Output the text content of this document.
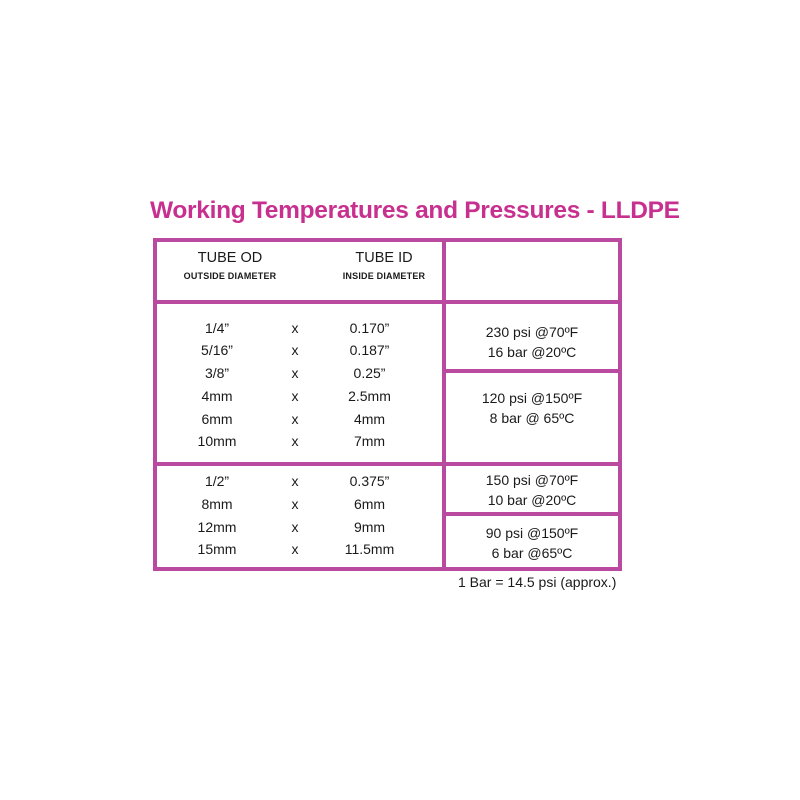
Working Temperatures and Pressures - LLDPE
TUBE OD
OUTSIDE DIAMETER
TUBE ID
INSIDE DIAMETER
1/4”	x	0.170”
5/16”	x	0.187”
3/8”	x	0.25”
4mm	x	2.5mm
6mm	x	4mm
10mm	x	7mm
230 psi @70ºF
16 bar @20ºC
120 psi @150ºF
8 bar @ 65ºC
1/2”	x	0.375”
8mm	x	6mm
12mm	x	9mm
15mm	x	11.5mm
150 psi @70ºF
10 bar @20ºC
90 psi @150ºF
6 bar @65ºC
1 Bar = 14.5 psi (approx.)
